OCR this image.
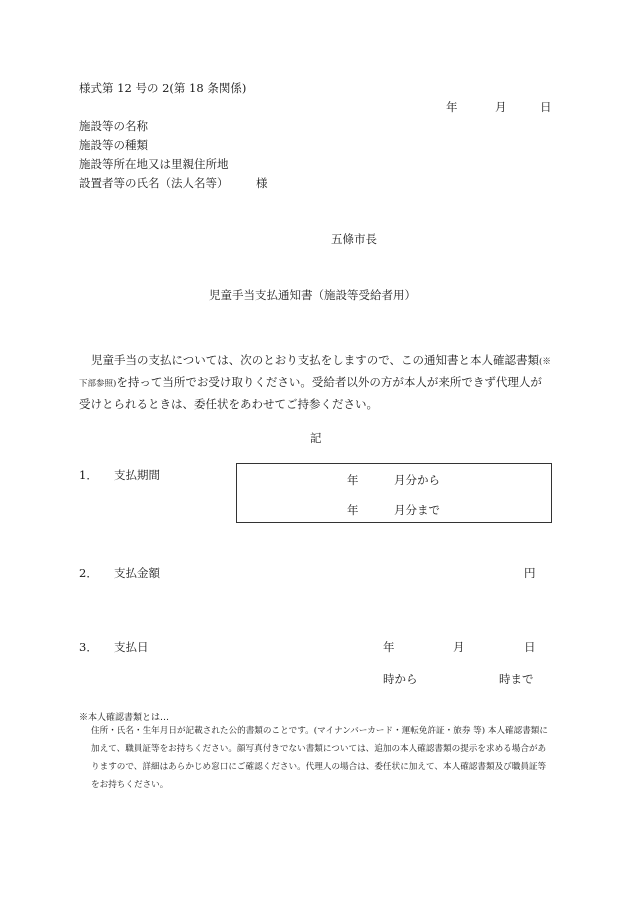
様式第 12 号の 2(第 18 条関係)
年	月	日
施設等の名称
施設等の種類
施設等所在地又は里親住所地
設置者等の氏名（法人名等） 様
五條市長
児童手当支払通知書（施設等受給者用）
児童手当の支払については、次のとおり支払をしますので、この通知書と本人確認書類(※下部参照)を持って当所でお受け取りください。受給者以外の方が本人が来所できず代理人が受けとられるときは、委任状をあわせてご持参ください。
記
1． 支払期間	年	月分から
年	月分まで
2． 支払金額	円
3． 支払日	年	月	日
時から	時まで
※本人確認書類とは…
住所・氏名・生年月日が記載された公的書類のことです。(マイナンバーカード・運転免許証・旅券 等) 本人確認書類に加えて、職員証等をお持ちください。顔写真付きでない書類については、追加の本人確認書類の提示を求める場合がありますので、詳細はあらかじめ窓口にご確認ください。代理人の場合は、委任状に加えて、本人確認書類及び職員証等をお持ちください。
